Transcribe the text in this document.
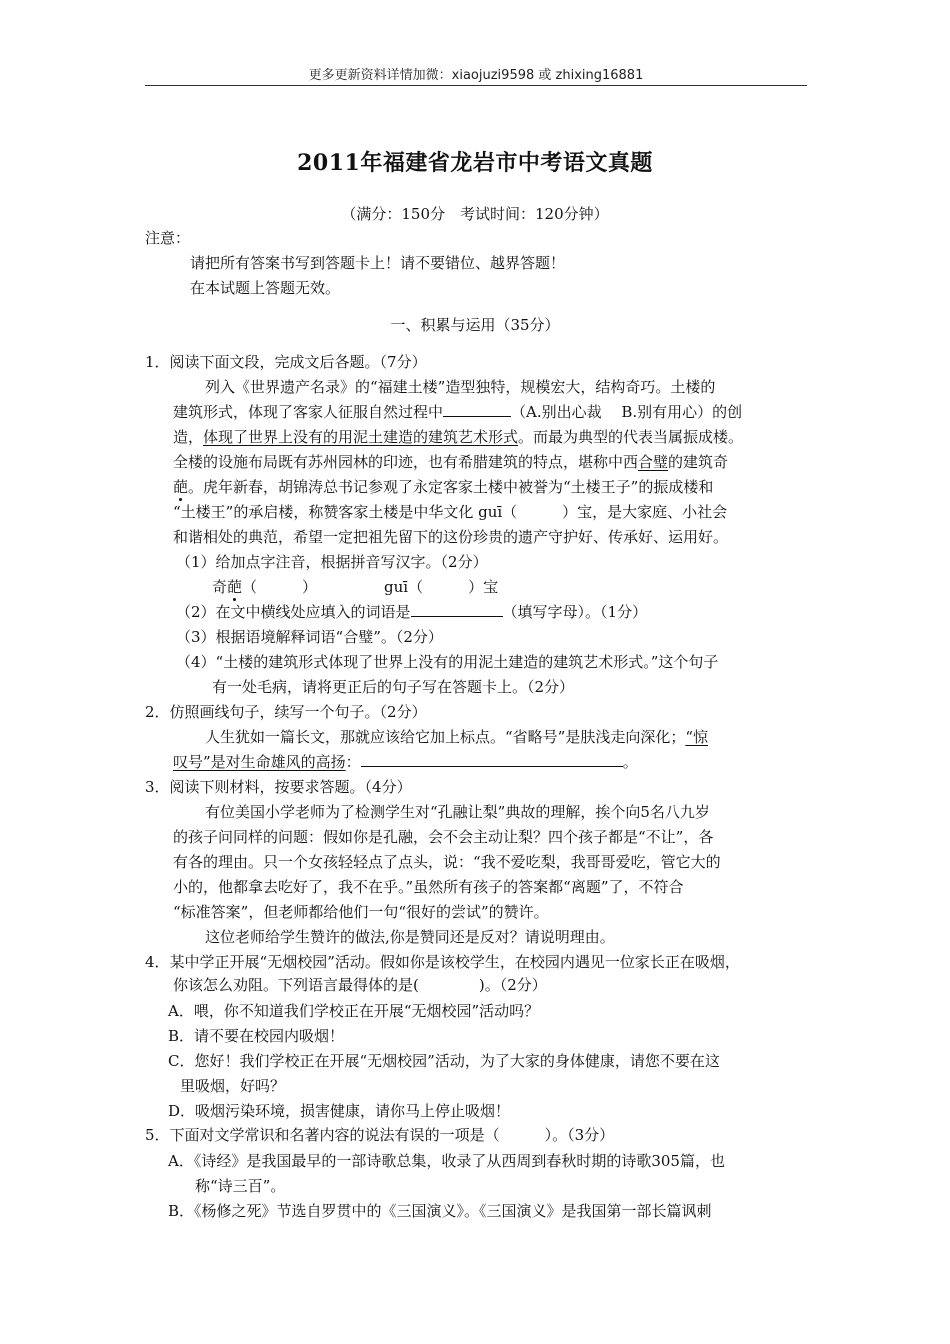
更多更新资料详情加微：xiaojuzi9598 或 zhixing16881
2011年福建省龙岩市中考语文真题
（满分：150分　考试时间：120分钟）
注意：
请把所有答案书写到答题卡上！请不要错位、越界答题！
在本试题上答题无效。
一、积累与运用（35分）
1．阅读下面文段，完成文后各题。（7分）
列入《世界遗产名录》的“福建土楼”造型独特，规模宏大，结构奇巧。土楼的
建筑形式，体现了客家人征服自然过程中	（A.别出心裁　 B.别有用心）的创
造，体现了世界上没有的用泥土建造的建筑艺术形式。而最为典型的代表当属振成楼。
全楼的设施布局既有苏州园林的印迹，也有希腊建筑的特点，堪称中西合璧的建筑奇
葩。虎年新春，胡锦涛总书记参观了永定客家土楼中被誉为“土楼王子”的振成楼和
“土楼王”的承启楼，称赞客家土楼是中华文化 guī（　　　）宝，是大家庭、小社会
和谐相处的典范，希望一定把祖先留下的这份珍贵的遗产守护好、传承好、运用好。
（1）给加点字注音，根据拼音写汉字。（2分）
奇葩（　　　）	guī（　　　）宝
（2）在文中横线处应填入的词语是	（填写字母）。（1分）
（3）根据语境解释词语“合璧”。（2分）
（4）“土楼的建筑形式体现了世界上没有的用泥土建造的建筑艺术形式。”这个句子
有一处毛病，请将更正后的句子写在答题卡上。（2分）
2．仿照画线句子，续写一个句子。（2分）
人生犹如一篇长文，那就应该给它加上标点。“省略号”是肤浅走向深化；“惊
叹号”是对生命雄风的高扬：	。
3．阅读下则材料，按要求答题。（4分）
有位美国小学老师为了检测学生对“孔融让梨”典故的理解，挨个向5名八九岁
的孩子问同样的问题：假如你是孔融，会不会主动让梨？四个孩子都是“不让”，各
有各的理由。只一个女孩轻轻点了点头，说：“我不爱吃梨，我哥哥爱吃，管它大的
小的，他都拿去吃好了，我不在乎。”虽然所有孩子的答案都“离题”了，不符合
“标准答案”，但老师都给他们一句“很好的尝试”的赞许。
这位老师给学生赞许的做法,你是赞同还是反对？请说明理由。
4．某中学正开展“无烟校园”活动。假如你是该校学生，在校园内遇见一位家长正在吸烟，
你该怎么劝阻。下列语言最得体的是(　　　　)。（2分）
A．喂，你不知道我们学校正在开展“无烟校园”活动吗？
B．请不要在校园内吸烟！
C．您好！我们学校正在开展“无烟校园”活动，为了大家的身体健康，请您不要在这
里吸烟，好吗？
D．吸烟污染环境，损害健康，请你马上停止吸烟！
5．下面对文学常识和名著内容的说法有误的一项是（　　　）。（3分）
A．《诗经》是我国最早的一部诗歌总集，收录了从西周到春秋时期的诗歌305篇，也
称“诗三百”。
B．《杨修之死》节选自罗贯中的《三国演义》。《三国演义》是我国第一部长篇讽刺
